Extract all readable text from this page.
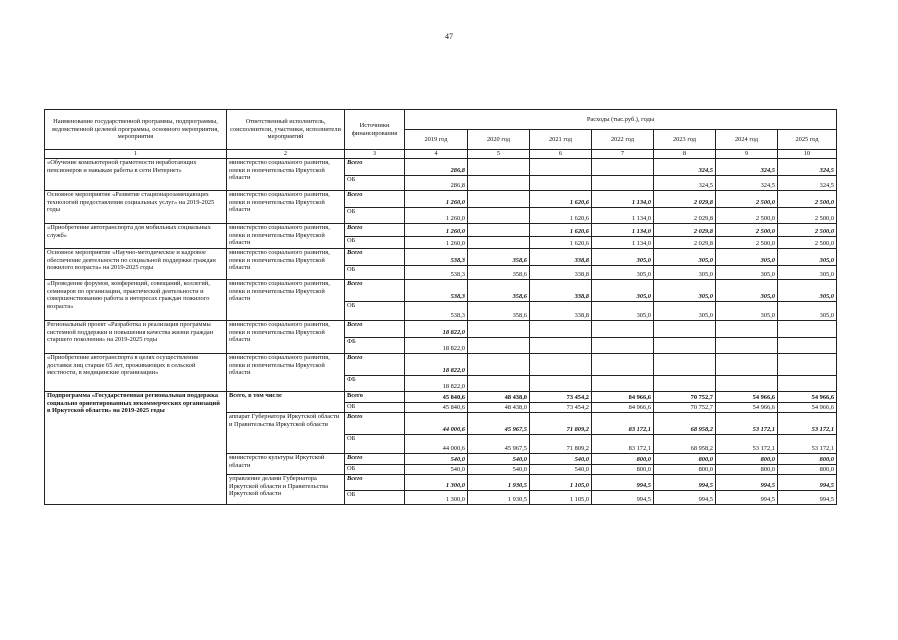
47
Наименование государственной программы, подпрограммы, ведомственной целевой программы, основного мероприятия, мероприятия	Ответственный исполнитель, соисполнители, участники, исполнители мероприятий	Источники финансирования	Расходы (тыс.руб.), годы						
			2019 год	2020 год	2021 год	2022 год	2023 год	2024 год	2025 год
1	2	3	4	5	6	7	8	9	10
«Обучение компьютерной грамотности неработающих пенсионеров и навыкам работы в сети Интернет»	министерство социального развития, опеки и попечительства Иркутской области	Всего	286,8				324,5	324,5	324,5
		ОБ	286,8				324,5	324,5	324,5
Основное мероприятие «Развитие стационарозамещающих технологий предоставления социальных услуг» на 2019-2025 годы	министерство социального развития, опеки и попечительства Иркутской области	Всего	1 260,0		1 620,6	1 134,0	2 029,8	2 500,0	2 500,0
		ОБ	1 260,0		1 620,6	1 134,0	2 029,8	2 500,0	2 500,0
«Приобретение автотранспорта для мобильных социальных служб»	министерство социального развития, опеки и попечительства Иркутской области	Всего	1 260,0		1 620,6	1 134,0	2 029,8	2 500,0	2 500,0
		ОБ	1 260,0		1 620,6	1 134,0	2 029,8	2 500,0	2 500,0
Основное мероприятие «Научно-методическое и кадровое обеспечение деятельности по социальной поддержке граждан пожилого возраста» на 2019-2025 годы	министерство социального развития, опеки и попечительства Иркутской области	Всего	538,3	358,6	338,8	305,0	305,0	305,0	305,0
		ОБ	538,3	358,6	338,8	305,0	305,0	305,0	305,0
«Проведение форумов, конференций, совещаний, коллегий, семинаров по организации, практической деятельности и совершенствованию работы в интересах граждан пожилого возраста»	министерство социального развития, опеки и попечительства Иркутской области	Всего	538,3	358,6	338,8	305,0	305,0	305,0	305,0
		ОБ	538,3	358,6	338,8	305,0	305,0	305,0	305,0
Региональный проект «Разработка и реализация программы системной поддержки и повышения качества жизни граждан старшего поколения» на 2019-2025 годы	министерство социального развития, опеки и попечительства Иркутской области	Всего	18 822,0						
		ФБ	18 822,0						
«Приобретение автотранспорта в целях осуществления доставки лиц старше 65 лет, проживающих в сельской местности, в медицинские организации»	министерство социального развития, опеки и попечительства Иркутской области	Всего	18 822,0						
		ФБ	18 822,0						
Подпрограмма «Государственная региональная поддержка социально ориентированных некоммерческих организаций в Иркутской области» на 2019-2025 годы	Всего, в том числе	Всего	45 840,6	48 438,0	73 454,2	84 966,6	70 752,7	54 966,6	54 966,6
		ОБ	45 840,6	48 438,0	73 454,2	84 966,6	70 752,7	54 966,6	54 966,6
	аппарат Губернатора Иркутской области и Правительства Иркутской области	Всего	44 000,6	45 967,5	71 809,2	83 172,1	68 958,2	53 172,1	53 172,1
		ОБ	44 000,6	45 967,5	71 809,2	83 172,1	68 958,2	53 172,1	53 172,1
	министерство культуры Иркутской области	Всего	540,0	540,0	540,0	800,0	800,0	800,0	800,0
		ОБ	540,0	540,0	540,0	800,0	800,0	800,0	800,0
	управление делами Губернатора Иркутской области и Правительства Иркутской области	Всего	1 300,0	1 930,5	1 105,0	994,5	994,5	994,5	994,5
		ОБ	1 300,0	1 930,5	1 105,0	994,5	994,5	994,5	994,5
